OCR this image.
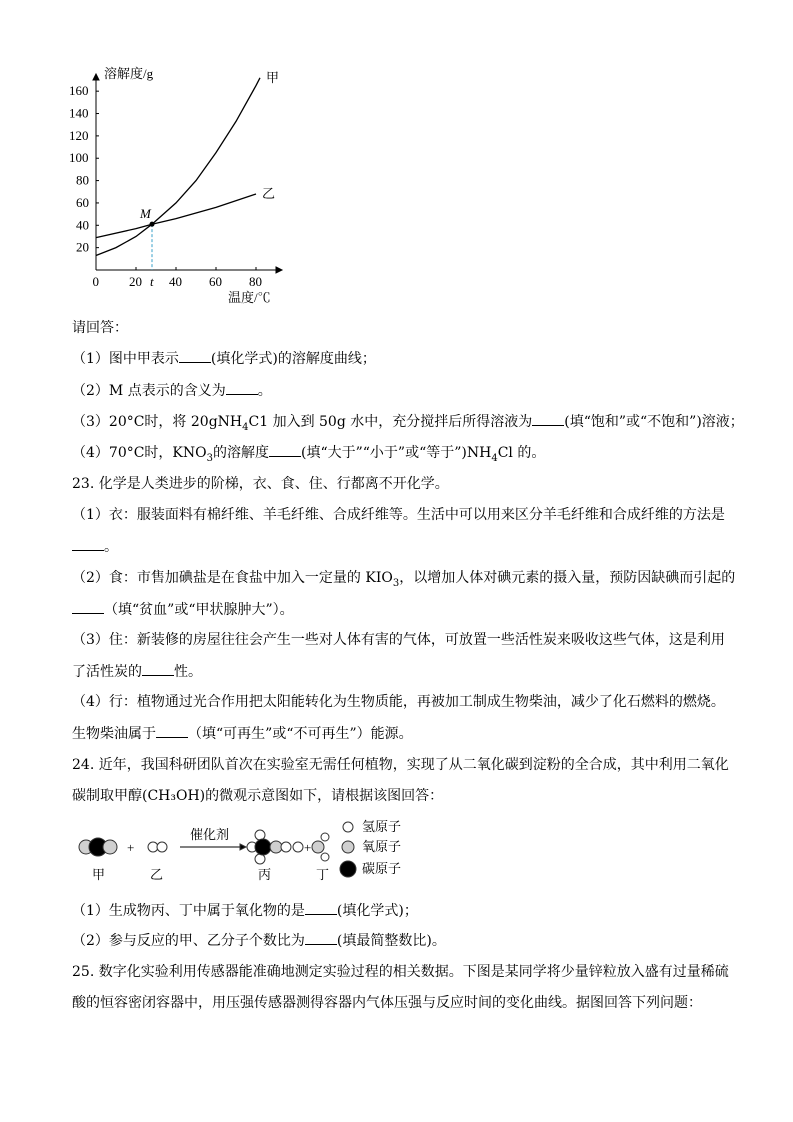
溶解度/g
温度/℃
0 20 40 60 80
20
40
60
80
100
120
140
160
甲
乙
M
t
请回答：
（1）图中甲表示 (填化学式)的溶解度曲线；
（2）M 点表示的含义为 。
（3）20°C时，将 20gNH$_4$C1 加入到 50g 水中，充分搅拌后所得溶液为 (填“饱和”或“不饱和”)溶液；
（4）70°C时，$KNO_3$的溶解度 (填“大于”“小于”或“等于$”)NH_4Cl$ 的。
23. 化学是人类进步的阶梯，衣、食、住、行都离不开化学。
（1）衣：服装面料有棉纤维、羊毛纤维、合成纤维等。生活中可以用来区分羊毛纤维和合成纤维的方法是
。
（2）食：市售加碘盐是在食盐中加入一定量的 $KIO_3$，以增加人体对碘元素的摄入量，预防因缺碘而引起的
（填“贫血”或“甲状腺肿大”）。
（3）住：新装修的房屋往往会产生一些对人体有害的气体，可放置一些活性炭来吸收这些气体，这是利用
了活性炭的 性。
（4）行：植物通过光合作用把太阳能转化为生物质能，再被加工制成生物柴油，减少了化石燃料的燃烧。
生物柴油属于 （填“可再生”或“不可再生”）能源。
24. 近年，我国科研团队首次在实验室无需任何植物，实现了从二氧化碳到淀粉的全合成，其中利用二氧化
碳制取甲醇(CH₃OH)的微观示意图如下，请根据该图回答：
+	+
催化剂
甲	乙	丙	丁
氢原子
氧原子
碳原子
（1）生成物丙、丁中属于氧化物的是 (填化学式)；
（2）参与反应的甲、乙分子个数比为 (填最简整数比)。
25. 数字化实验利用传感器能准确地测定实验过程的相关数据。下图是某同学将少量锌粒放入盛有过量稀硫
酸的恒容密闭容器中，用压强传感器测得容器内气体压强与反应时间的变化曲线。据图回答下列问题：
